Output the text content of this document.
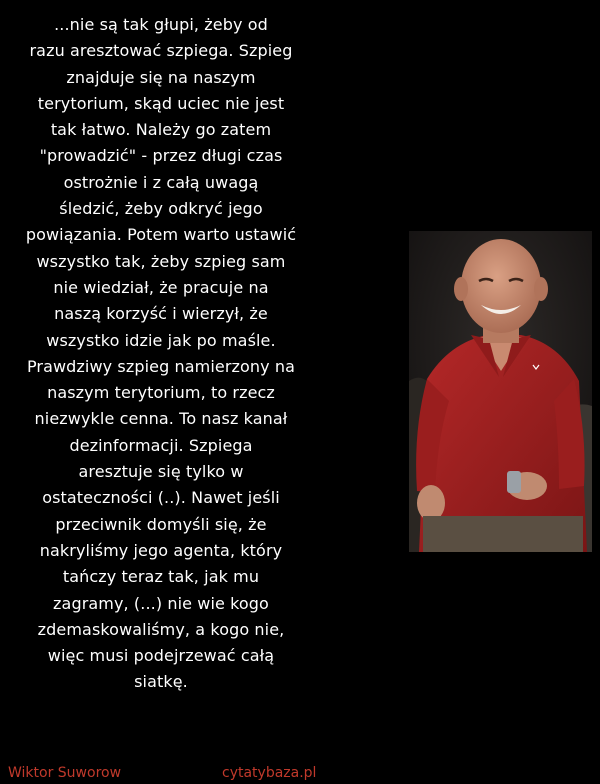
...nie są tak głupi, żeby od
razu aresztować szpiega. Szpieg
znajduje się na naszym
terytorium, skąd uciec nie jest
tak łatwo. Należy go zatem
"prowadzić" - przez długi czas
ostrożnie i z całą uwagą
śledzić, żeby odkryć jego
powiązania. Potem warto ustawić
wszystko tak, żeby szpieg sam
nie wiedział, że pracuje na
naszą korzyść i wierzył, że
wszystko idzie jak po maśle.
Prawdziwy szpieg namierzony na
naszym terytorium, to rzecz
niezwykle cenna. To nasz kanał
dezinformacji. Szpiega
aresztuje się tylko w
ostateczności (..). Nawet jeśli
przeciwnik domyśli się, że
nakryliśmy jego agenta, który
tańczy teraz tak, jak mu
zagramy, (...) nie wie kogo
zdemaskowaliśmy, a kogo nie,
więc musi podejrzewać całą
siatkę.
Wiktor Suworow	cytatybaza.pl
